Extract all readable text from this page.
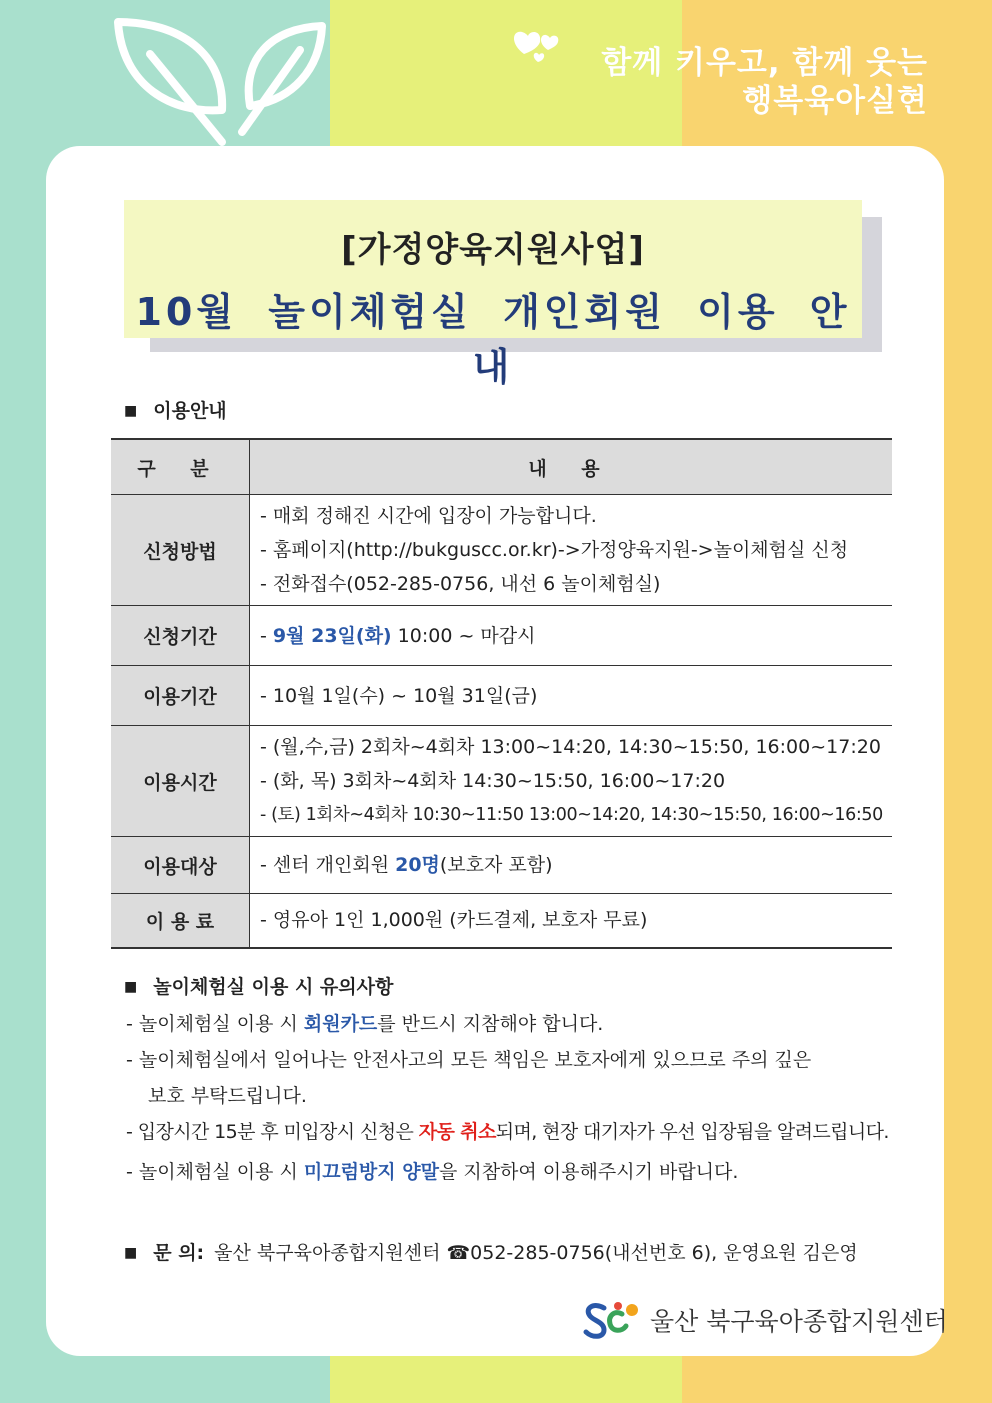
함께 키우고, 함께 웃는
행복육아실현
[가정양육지원사업]
10월 놀이체험실 개인회원 이용 안내
■ 이용안내
구 분	내 용
신청방법	- 매회 정해진 시간에 입장이 가능합니다.
- 홈페이지(http://bukguscc.or.kr)->가정양육지원->놀이체험실 신청
- 전화접수(052-285-0756, 내선 6 놀이체험실)

신청기간	- 9월 23일(화) 10:00 ~ 마감시
이용기간	- 10월 1일(수) ~ 10월 31일(금)

이용시간	- (월,수,금) 2회차~4회차 13:00~14:20, 14:30~15:50, 16:00~17:20
- (화, 목) 3회차~4회차 14:30~15:50, 16:00~17:20
- (토) 1회차~4회차 10:30~11:50 13:00~14:20, 14:30~15:50, 16:00~16:50

이용대상	- 센터 개인회원 20명(보호자 포함)
이 용 료	- 영유아 1인 1,000원 (카드결제, 보호자 무료)
■ 놀이체험실 이용 시 유의사항

- 놀이체험실 이용 시 회원카드를 반드시 지참해야 합니다.

- 놀이체험실에서 일어나는 안전사고의 모든 책임은 보호자에게 있으므로 주의 깊은

보호 부탁드립니다.

- 입장시간 15분 후 미입장시 신청은 자동 취소되며, 현장 대기자가 우선 입장됨을 알려드립니다.

- 놀이체험실 이용 시 미끄럼방지 양말을 지참하여 이용해주시기 바랍니다.

■ 문 의: 울산 북구육아종합지원센터 ☎052-285-0756(내선번호 6), 운영요원 김은영
울산 북구육아종합지원센터
